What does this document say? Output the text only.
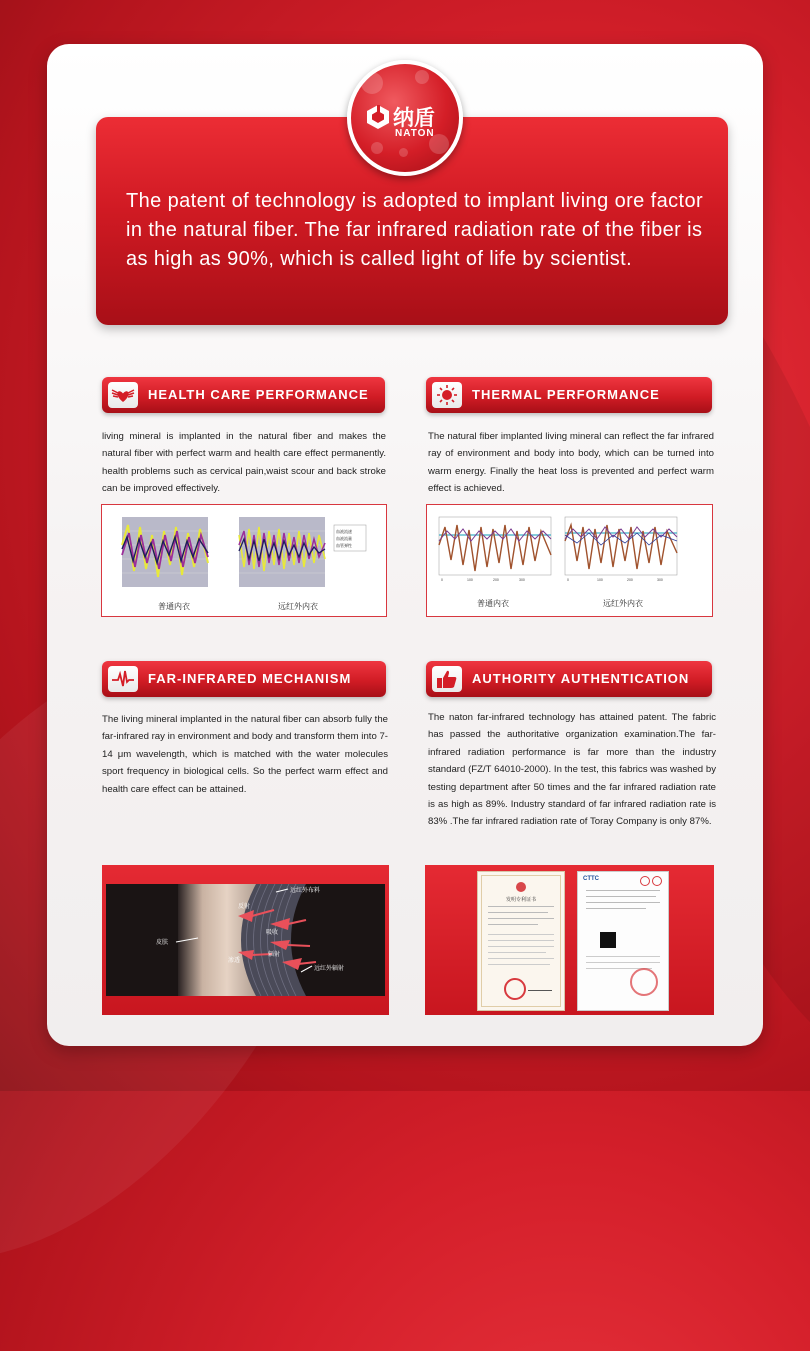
The patent of technology is adopted to implant living ore factor in the natural fiber. The far infrared radiation rate of the fiber is as high as 90%, which is called light of life by scientist.
纳盾
NATON
HEALTH CARE PERFORMANCE
living mineral is implanted in the natural fiber and makes the natural fiber with perfect warm and health care effect permanently. health problems such as cervical pain,waist scour and back stroke can be improved effectively.
血液流速
血液流量
血管弹性
普通内衣	远红外内衣
THERMAL PERFORMANCE
The natural fiber implanted living mineral can reflect the far infrared ray of environment and body into body, which can be turned into warm energy. Finally the heat loss is prevented and perfect warm effect is achieved.
0	100	200	300	0	100	200	300
普通内衣	远红外内衣
FAR-INFRARED MECHANISM
The living mineral implanted in the natural fiber can absorb fully the far-infrared ray in environment and body and transform them into 7-14 μm wavelength, which is matched with the water molecules sport frequency in biological cells. So the perfect warm effect and health care effect can be attained.
远红外布料
皮肤
反射
吸收
渗透
辐射
远红外辐射
AUTHORITY AUTHENTICATION
The naton far-infrared technology has attained patent. The fabric has passed the authoritative organization examination.The far-infrared radiation performance is far more than the industry standard (FZ/T 64010-2000). In the test, this fabrics was washed by testing department after 50 times and the far infrared radiation rate is as high as 89%. Industry standard of far infrared radiation rate is 83% .The far infrared radiation rate of Toray Company is only 87%.
发明专利证书
CTTC
